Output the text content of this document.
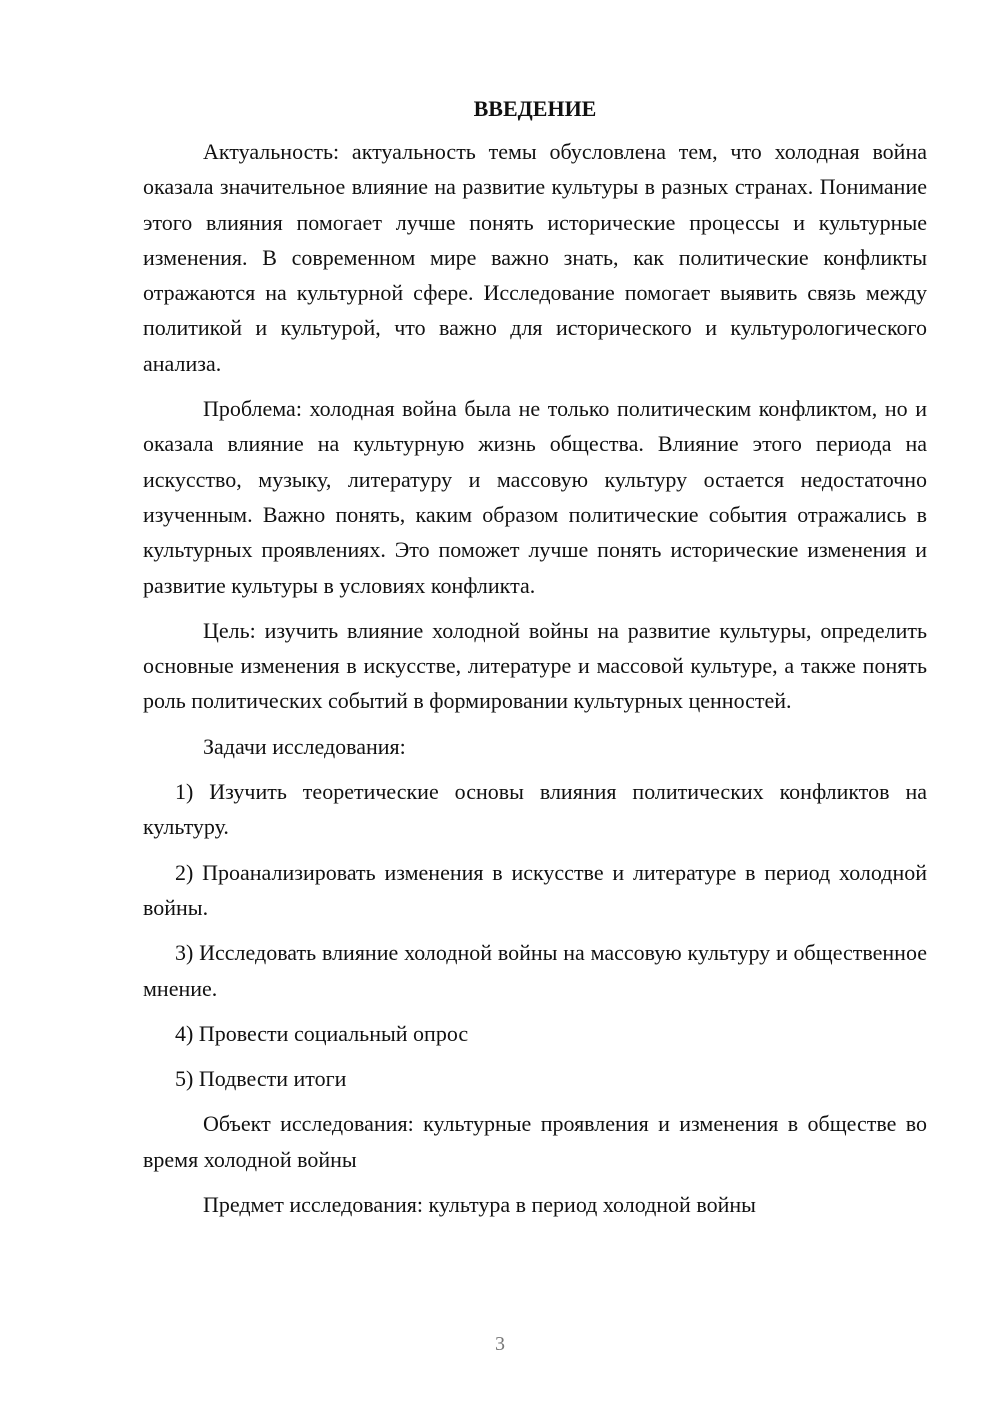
ВВЕДЕНИЕ

Актуальность: актуальность темы обусловлена тем, что холодная война оказала значительное влияние на развитие культуры в разных странах. Понимание этого влияния помогает лучше понять исторические процессы и культурные изменения. В современном мире важно знать, как политические конфликты отражаются на культурной сфере. Исследование помогает выявить связь между политикой и культурой, что важно для исторического и культурологического анализа.

Проблема: холодная война была не только политическим конфликтом, но и оказала влияние на культурную жизнь общества. Влияние этого периода на искусство, музыку, литературу и массовую культуру остается недостаточно изученным. Важно понять, каким образом политические события отражались в культурных проявлениях. Это поможет лучше понять исторические изменения и развитие культуры в условиях конфликта.

Цель: изучить влияние холодной войны на развитие культуры, определить основные изменения в искусстве, литературе и массовой культуре, а также понять роль политических событий в формировании культурных ценностей.

Задачи исследования:

1) Изучить теоретические основы влияния политических конфликтов на культуру.

2) Проанализировать изменения в искусстве и литературе в период холодной войны.

3) Исследовать влияние холодной войны на массовую культуру и общественное мнение.

4) Провести социальный опрос

5) Подвести итоги

Объект исследования: культурные проявления и изменения в обществе во время холодной войны

Предмет исследования: культура в период холодной войны

3
